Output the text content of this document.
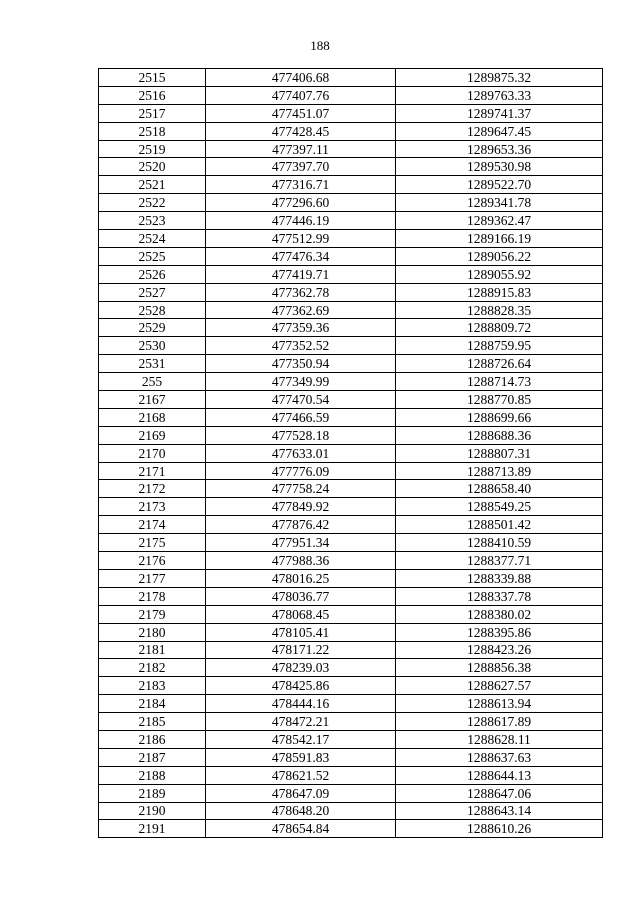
188
2515	477406.68	1289875.32
2516	477407.76	1289763.33
2517	477451.07	1289741.37
2518	477428.45	1289647.45
2519	477397.11	1289653.36
2520	477397.70	1289530.98
2521	477316.71	1289522.70
2522	477296.60	1289341.78
2523	477446.19	1289362.47
2524	477512.99	1289166.19
2525	477476.34	1289056.22
2526	477419.71	1289055.92
2527	477362.78	1288915.83
2528	477362.69	1288828.35
2529	477359.36	1288809.72
2530	477352.52	1288759.95
2531	477350.94	1288726.64
255	477349.99	1288714.73
2167	477470.54	1288770.85
2168	477466.59	1288699.66
2169	477528.18	1288688.36
2170	477633.01	1288807.31
2171	477776.09	1288713.89
2172	477758.24	1288658.40
2173	477849.92	1288549.25
2174	477876.42	1288501.42
2175	477951.34	1288410.59
2176	477988.36	1288377.71
2177	478016.25	1288339.88
2178	478036.77	1288337.78
2179	478068.45	1288380.02
2180	478105.41	1288395.86
2181	478171.22	1288423.26
2182	478239.03	1288856.38
2183	478425.86	1288627.57
2184	478444.16	1288613.94
2185	478472.21	1288617.89
2186	478542.17	1288628.11
2187	478591.83	1288637.63
2188	478621.52	1288644.13
2189	478647.09	1288647.06
2190	478648.20	1288643.14
2191	478654.84	1288610.26
